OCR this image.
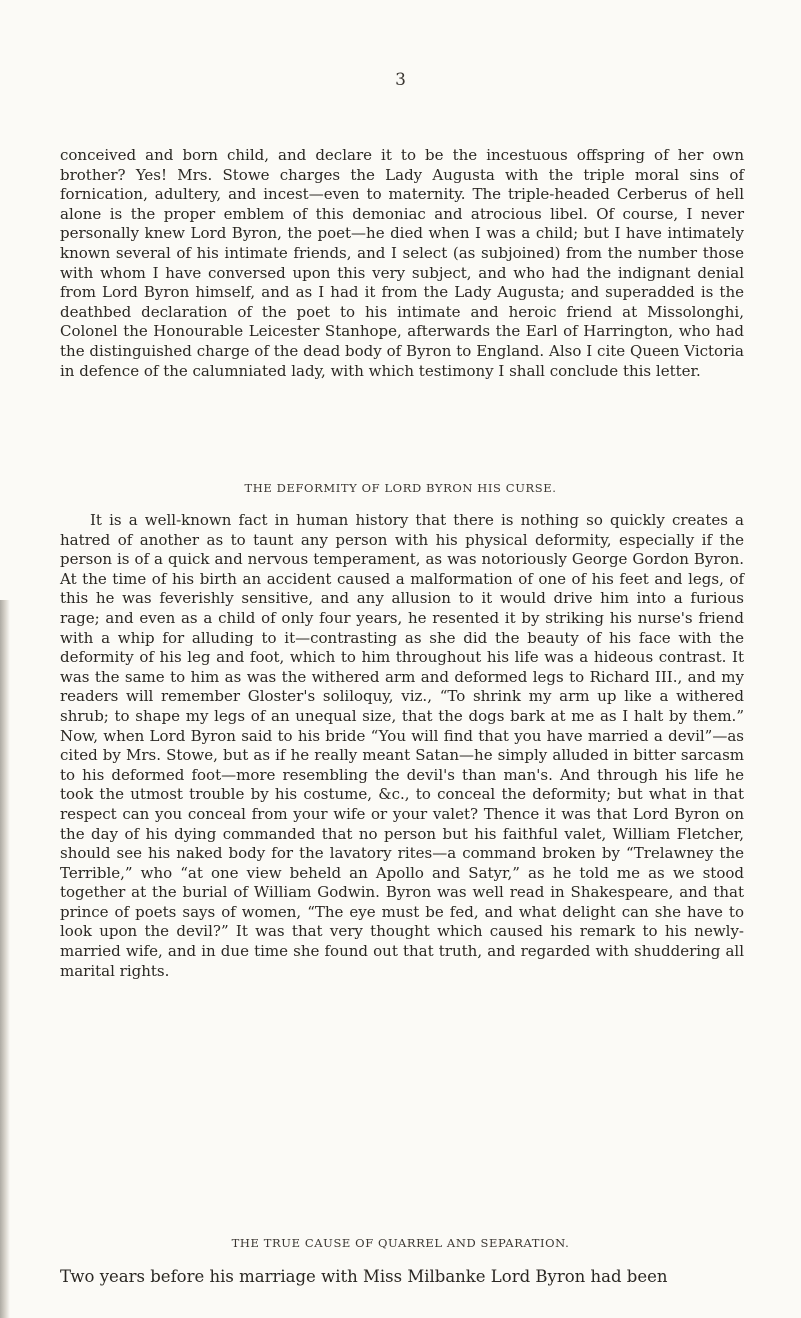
3

conceived and born child, and declare it to be the incestuous offspring of her own brother? Yes! Mrs. Stowe charges the Lady Augusta with the triple moral sins of fornication, adultery, and incest—even to maternity. The triple-headed Cerberus of hell alone is the proper emblem of this demoniac and atrocious libel. Of course, I never personally knew Lord Byron, the poet—he died when I was a child; but I have intimately known several of his intimate friends, and I select (as subjoined) from the number those with whom I have conversed upon this very subject, and who had the indignant denial from Lord Byron himself, and as I had it from the Lady Augusta; and superadded is the deathbed declaration of the poet to his intimate and heroic friend at Missolonghi, Colonel the Honourable Leicester Stanhope, afterwards the Earl of Harrington, who had the distinguished charge of the dead body of Byron to England. Also I cite Queen Victoria in defence of the calumniated lady, with which testimony I shall conclude this letter.

THE DEFORMITY OF LORD BYRON HIS CURSE.

It is a well-known fact in human history that there is nothing so quickly creates a hatred of another as to taunt any person with his physical deformity, especially if the person is of a quick and nervous temperament, as was notoriously George Gordon Byron. At the time of his birth an accident caused a malformation of one of his feet and legs, of this he was feverishly sensitive, and any allusion to it would drive him into a furious rage; and even as a child of only four years, he resented it by striking his nurse's friend with a whip for alluding to it—contrasting as she did the beauty of his face with the deformity of his leg and foot, which to him throughout his life was a hideous contrast. It was the same to him as was the withered arm and deformed legs to Richard III., and my readers will remember Gloster's soliloquy, viz., “To shrink my arm up like a withered shrub; to shape my legs of an unequal size, that the dogs bark at me as I halt by them.” Now, when Lord Byron said to his bride “You will find that you have married a devil”—as cited by Mrs. Stowe, but as if he really meant Satan—he simply alluded in bitter sarcasm to his deformed foot—more resembling the devil's than man's. And through his life he took the utmost trouble by his costume, &c., to conceal the deformity; but what in that respect can you conceal from your wife or your valet? Thence it was that Lord Byron on the day of his dying commanded that no person but his faithful valet, William Fletcher, should see his naked body for the lavatory rites—a command broken by “Trelawney the Terrible,” who “at one view beheld an Apollo and Satyr,” as he told me as we stood together at the burial of William Godwin. Byron was well read in Shakespeare, and that prince of poets says of women, “The eye must be fed, and what delight can she have to look upon the devil?” It was that very thought which caused his remark to his newly-married wife, and in due time she found out that truth, and regarded with shuddering all marital rights.

THE TRUE CAUSE OF QUARREL AND SEPARATION.

Two years before his marriage with Miss Milbanke Lord Byron had been
